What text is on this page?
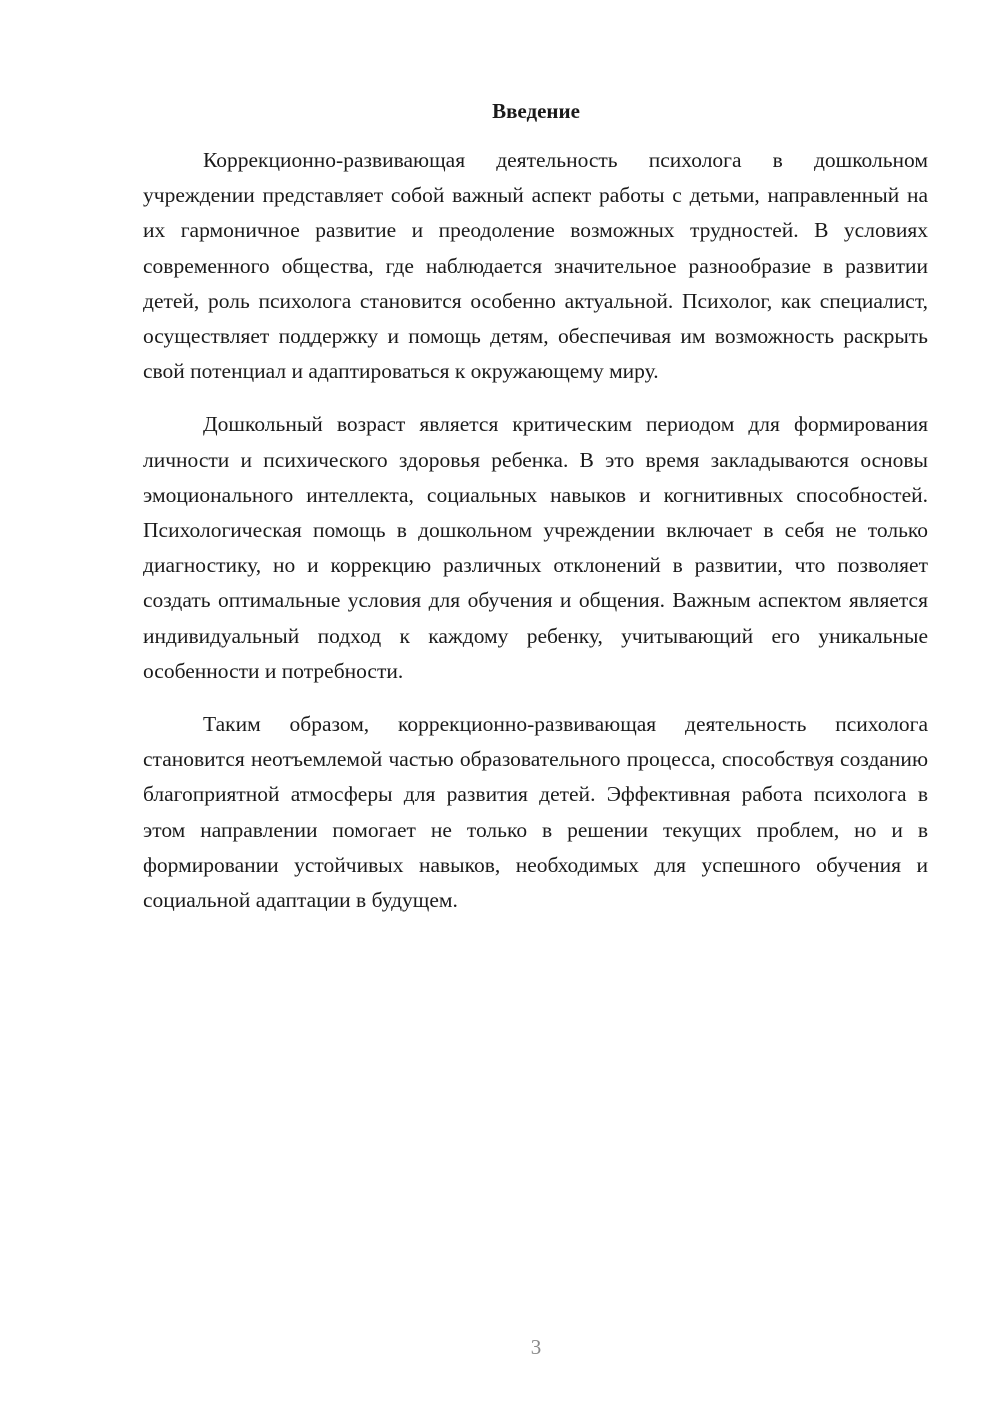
Введение

Коррекционно-развивающая деятельность психолога в дошкольном учреждении представляет собой важный аспект работы с детьми, направленный на их гармоничное развитие и преодоление возможных трудностей. В условиях современного общества, где наблюдается значительное разнообразие в развитии детей, роль психолога становится особенно актуальной. Психолог, как специалист, осуществляет поддержку и помощь детям, обеспечивая им возможность раскрыть свой потенциал и адаптироваться к окружающему миру.

Дошкольный возраст является критическим периодом для формирования личности и психического здоровья ребенка. В это время закладываются основы эмоционального интеллекта, социальных навыков и когнитивных способностей. Психологическая помощь в дошкольном учреждении включает в себя не только диагностику, но и коррекцию различных отклонений в развитии, что позволяет создать оптимальные условия для обучения и общения. Важным аспектом является индивидуальный подход к каждому ребенку, учитывающий его уникальные особенности и потребности.

Таким образом, коррекционно-развивающая деятельность психолога становится неотъемлемой частью образовательного процесса, способствуя созданию благоприятной атмосферы для развития детей. Эффективная работа психолога в этом направлении помогает не только в решении текущих проблем, но и в формировании устойчивых навыков, необходимых для успешного обучения и социальной адаптации в будущем.

3
